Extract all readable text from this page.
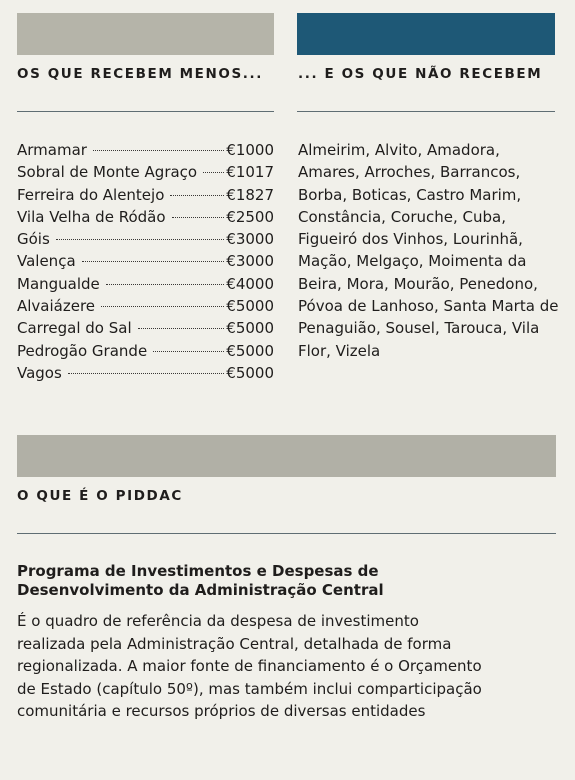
OS QUE RECEBEM MENOS...	... E OS QUE NÃO RECEBEM
Armamar	€1000
Sobral de Monte Agraço €1017
Ferreira do Alentejo	€1827
Vila Velha de Ródão	€2500
Góis	€3000
Valença	€3000
Mangualde	€4000
Alvaiázere	€5000
Carregal do Sal	€5000
Pedrogão Grande	€5000
Vagos	€5000

Almeirim, Alvito, Amadora, Amares, Arroches, Barrancos, Borba, Boticas, Castro Marim, Constância, Coruche, Cuba, Figueiró dos Vinhos, Lourinhã, Mação, Melgaço, Moimenta da Beira, Mora, Mourão, Penedono, Póvoa de Lanhoso, Santa Marta de Penaguião, Sousel, Tarouca, Vila Flor, Vizela

O QUE É O PIDDAC

Programa de Investimentos e Despesas de Desenvolvimento da Administração Central

É o quadro de referência da despesa de investimento realizada pela Administração Central, detalhada de forma regionalizada. A maior fonte de financiamento é o Orçamento de Estado (capítulo 50º), mas também inclui comparticipação comunitária e recursos próprios de diversas entidades
